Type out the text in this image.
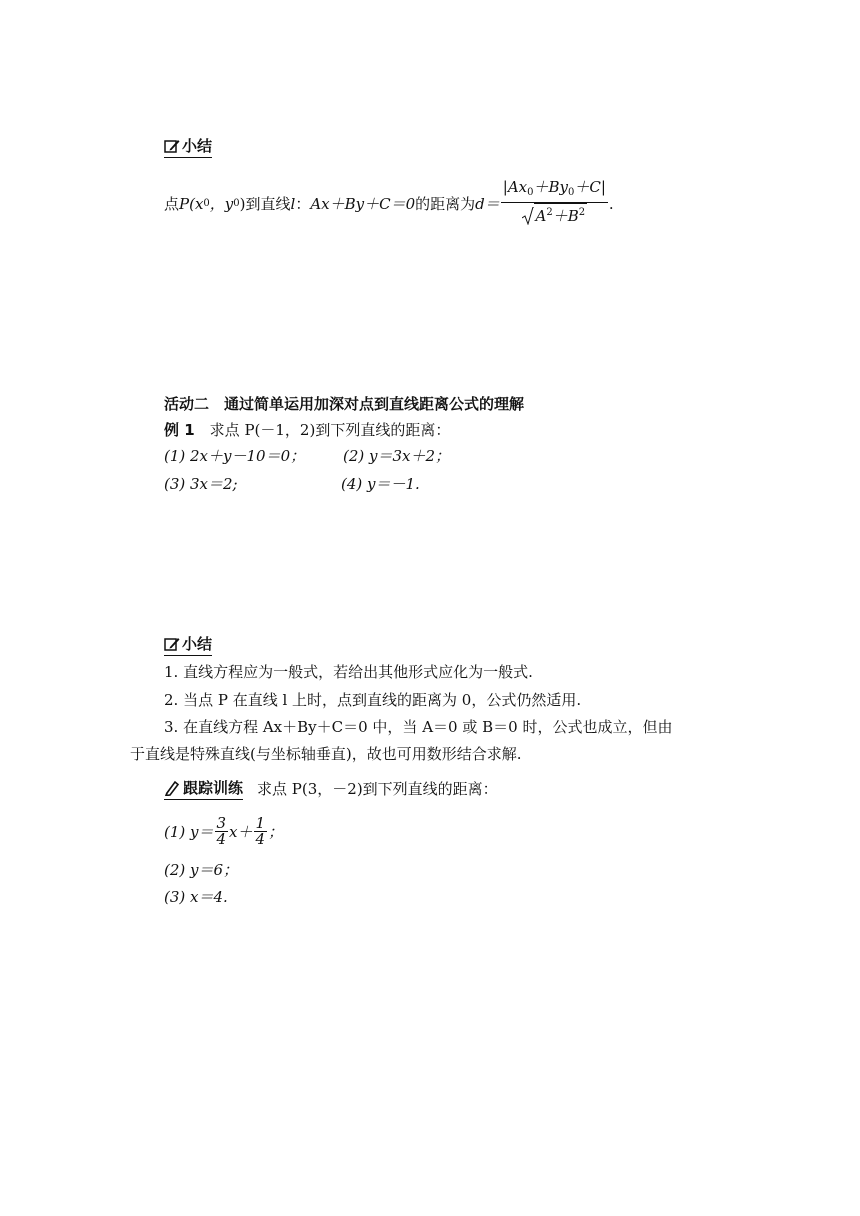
小结
点 P (x 0 ，y 0 )到直线 l ： Ax＋By＋C＝0 的距离为 $d= \frac{|Ax_0+By_0+C|}{A^2+B^2}$ .
活动二　通过简单运用加深对点到直线距离公式的理解
例 1　求点 P(－1，2)到下列直线的距离：
(1) 2x＋y－10＝0；	(2) y＝3x＋2；
(3) 3x＝2;	(4) y＝－1.
小结
1. 直线方程应为一般式，若给出其他形式应化为一般式.
2. 当点 P 在直线 l 上时，点到直线的距离为 0，公式仍然适用.
3. 在直线方程 Ax＋By＋C＝0 中，当 A＝0 或 B＝0 时，公式也成立，但由
于直线是特殊直线(与坐标轴垂直)，故也可用数形结合求解.
跟踪训练 求点 P(3，－2)到下列直线的距离：
(1) $y= \frac{3}{4} x+ \frac{1}{4}$ ；
(2) y＝6；
(3) x＝4.
